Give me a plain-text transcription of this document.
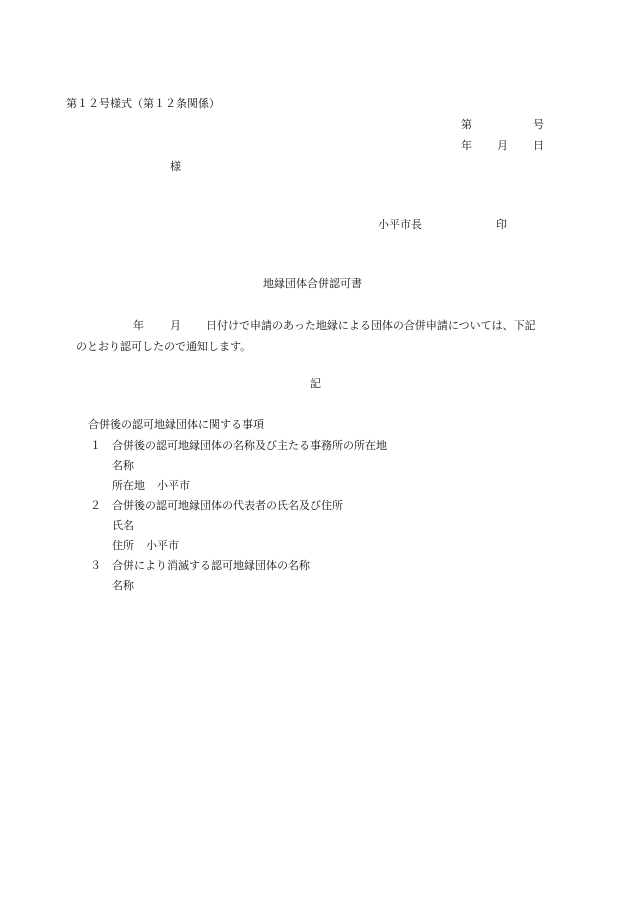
第１２号様式（第１２条関係）
第	号
年 月 日
様
小平市長	印
地縁団体合併認可書
年 月 日付けで申請のあった地縁による団体の合併申請については、下記
のとおり認可したので通知します。
記
合併後の認可地縁団体に関する事項
１ 合併後の認可地縁団体の名称及び主たる事務所の所在地
名称
所在地 小平市
２ 合併後の認可地縁団体の代表者の氏名及び住所
氏名
住所 小平市
３ 合併により消滅する認可地縁団体の名称
名称
